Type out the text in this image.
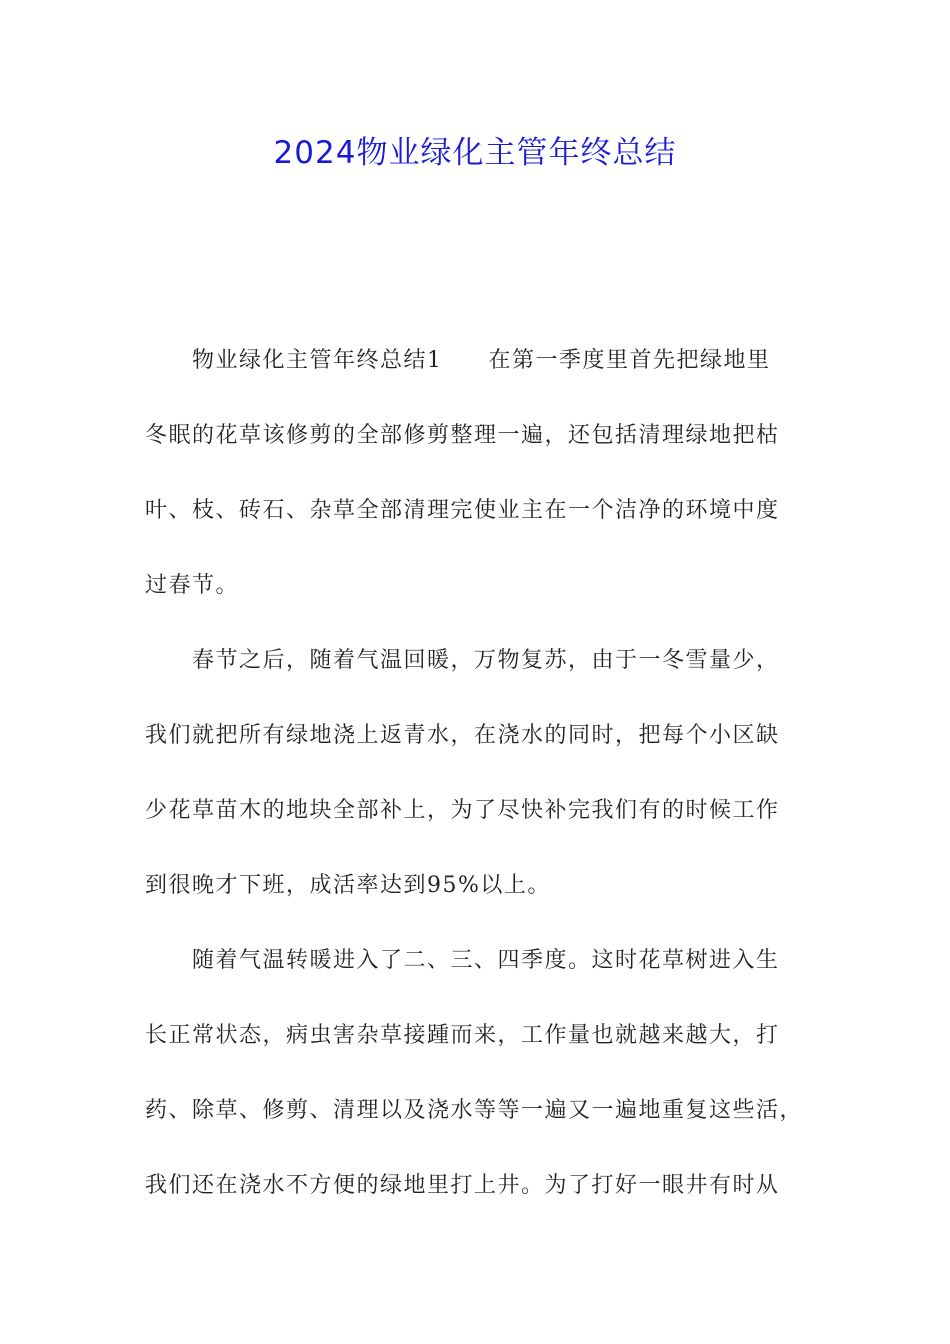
2024物业绿化主管年终总结
物业绿化主管年终总结1 在第一季度里首先把绿地里
冬眠的花草该修剪的全部修剪整理一遍，还包括清理绿地把枯
叶、枝、砖石、杂草全部清理完使业主在一个洁净的环境中度
过春节。
春节之后，随着气温回暖，万物复苏，由于一冬雪量少，
我们就把所有绿地浇上返青水，在浇水的同时，把每个小区缺
少花草苗木的地块全部补上，为了尽快补完我们有的时候工作
到很晚才下班，成活率达到95%以上。
随着气温转暖进入了二、三、四季度。这时花草树进入生
长正常状态，病虫害杂草接踵而来，工作量也就越来越大，打
药、除草、修剪、清理以及浇水等等一遍又一遍地重复这些活，
我们还在浇水不方便的绿地里打上井。为了打好一眼井有时从
